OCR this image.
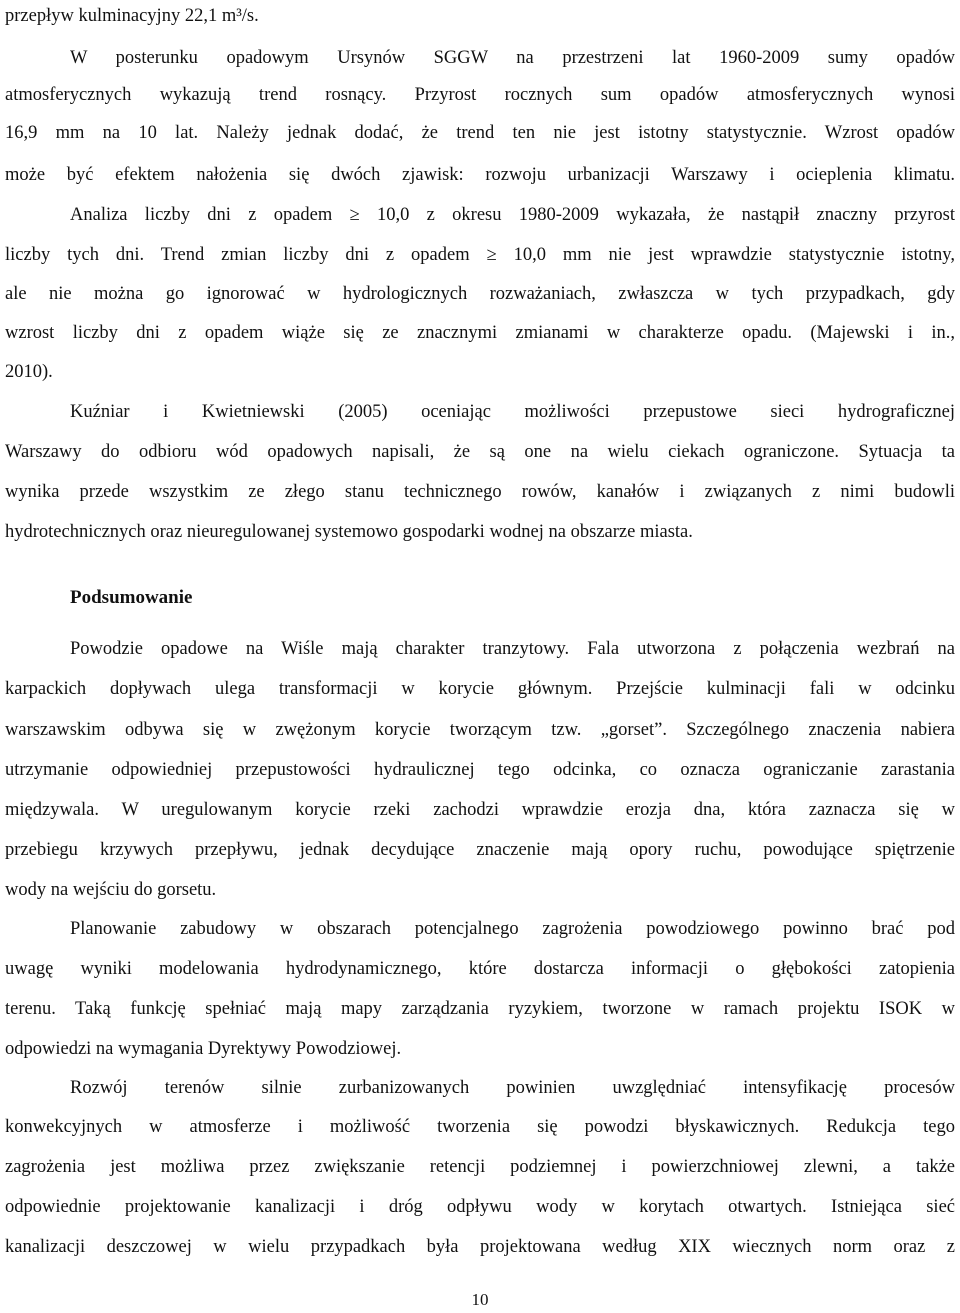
przepływ kulminacyjny 22,1 m³/s.
W posterunku opadowym Ursynów SGGW na przestrzeni lat 1960-2009 sumy opadów
atmosferycznych wykazują trend rosnący. Przyrost rocznych sum opadów atmosferycznych wynosi
16,9 mm na 10 lat. Należy jednak dodać, że trend ten nie jest istotny statystycznie. Wzrost opadów
może być efektem nałożenia się dwóch zjawisk: rozwoju urbanizacji Warszawy i ocieplenia klimatu.
Analiza liczby dni z opadem ≥ 10,0 z okresu 1980-2009 wykazała, że nastąpił znaczny przyrost
liczby tych dni. Trend zmian liczby dni z opadem ≥ 10,0 mm nie jest wprawdzie statystycznie istotny,
ale nie można go ignorować w hydrologicznych rozważaniach, zwłaszcza w tych przypadkach, gdy
wzrost liczby dni z opadem wiąże się ze znacznymi zmianami w charakterze opadu. (Majewski i in.,
2010).
Kuźniar i Kwietniewski (2005) oceniając możliwości przepustowe sieci hydrograficznej
Warszawy do odbioru wód opadowych napisali, że są one na wielu ciekach ograniczone. Sytuacja ta
wynika przede wszystkim ze złego stanu technicznego rowów, kanałów i związanych z nimi budowli
hydrotechnicznych oraz nieuregulowanej systemowo gospodarki wodnej na obszarze miasta.
Podsumowanie
Powodzie opadowe na Wiśle mają charakter tranzytowy. Fala utworzona z połączenia wezbrań na
karpackich dopływach ulega transformacji w korycie głównym. Przejście kulminacji fali w odcinku
warszawskim odbywa się w zwężonym korycie tworzącym tzw. „gorset”. Szczególnego znaczenia nabiera
utrzymanie odpowiedniej przepustowości hydraulicznej tego odcinka, co oznacza ograniczanie zarastania
międzywala. W uregulowanym korycie rzeki zachodzi wprawdzie erozja dna, która zaznacza się w
przebiegu krzywych przepływu, jednak decydujące znaczenie mają opory ruchu, powodujące spiętrzenie
wody na wejściu do gorsetu.
Planowanie zabudowy w obszarach potencjalnego zagrożenia powodziowego powinno brać pod
uwagę wyniki modelowania hydrodynamicznego, które dostarcza informacji o głębokości zatopienia
terenu. Taką funkcję spełniać mają mapy zarządzania ryzykiem, tworzone w ramach projektu ISOK w
odpowiedzi na wymagania Dyrektywy Powodziowej.
Rozwój terenów silnie zurbanizowanych powinien uwzględniać intensyfikację procesów
konwekcyjnych w atmosferze i możliwość tworzenia się powodzi błyskawicznych. Redukcja tego
zagrożenia jest możliwa przez zwiększanie retencji podziemnej i powierzchniowej zlewni, a także
odpowiednie projektowanie kanalizacji i dróg odpływu wody w korytach otwartych. Istniejąca sieć
kanalizacji deszczowej w wielu przypadkach była projektowana według XIX wiecznych norm oraz z
10
